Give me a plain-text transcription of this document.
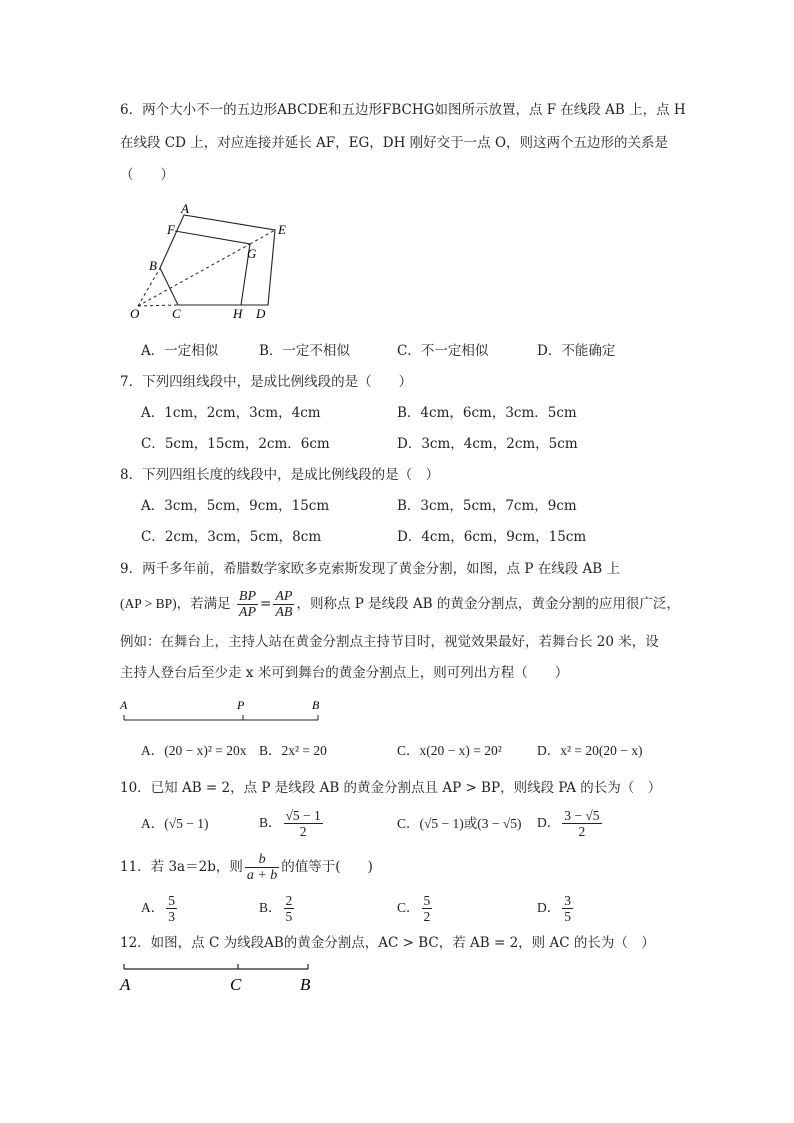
6．两个大小不一的五边形ABCDE和五边形FBCHG如图所示放置，点 F 在线段 AB 上，点 H
在线段 CD 上，对应连接并延长 AF，EG，DH 刚好交于一点 O，则这两个五边形的关系是
（　　）
A
F
B
C	H D
E
G
O
A．一定相似	B．一定不相似	C．不一定相似	D．不能确定
7．下列四组线段中，是成比例线段的是（　　）
A．1cm，2cm，3cm，4cm	B．4cm，6cm，3cm．5cm
C．5cm，15cm，2cm．6cm	D．3cm，4cm，2cm，5cm
8．下列四组长度的线段中，是成比例线段的是（　）
A．3cm，5cm，9cm，15cm	B．3cm，5cm，7cm，9cm
C．2cm，3cm，5cm，8cm	D．4cm，6cm，9cm，15cm
9．两千多年前，希腊数学家欧多克索斯发现了黄金分割，如图，点 P 在线段 AB 上
(AP > BP)，若满足 $\frac{BP}{AP} = \frac{AP}{AB}$ ，则称点 P 是线段 AB 的黄金分割点，黄金分割的应用很广泛，
例如：在舞台上，主持人站在黄金分割点主持节目时，视觉效果最好，若舞台长 20 米，设
主持人登台后至少走 x 米可到舞台的黄金分割点上，则可列出方程（　　）
A	P	B
A．(20 − x)² = 20x B．2x² = 20	C．x(20 − x) = 20²	D．x² = 20(20 − x)
10．已知 AB = 2，点 P 是线段 AB 的黄金分割点且 AP > BP，则线段 PA 的长为（　）
A．(√5 − 1)	B． $\frac{√5 - 1}{2}$	C．(√5 − 1)或(3 − √5) D． $\frac{3 - √5}{2}$
11．若 3a＝2b，则 $\frac{b}{a + b}$ 的值等于(　　)
A． $\frac{5}{3}$	B． $\frac{2}{5}$	C． $\frac{5}{2}$	D． $\frac{3}{5}$
12．如图，点 C 为线段AB的黄金分割点，AC > BC，若 AB = 2，则 AC 的长为（　）
A	C	B
